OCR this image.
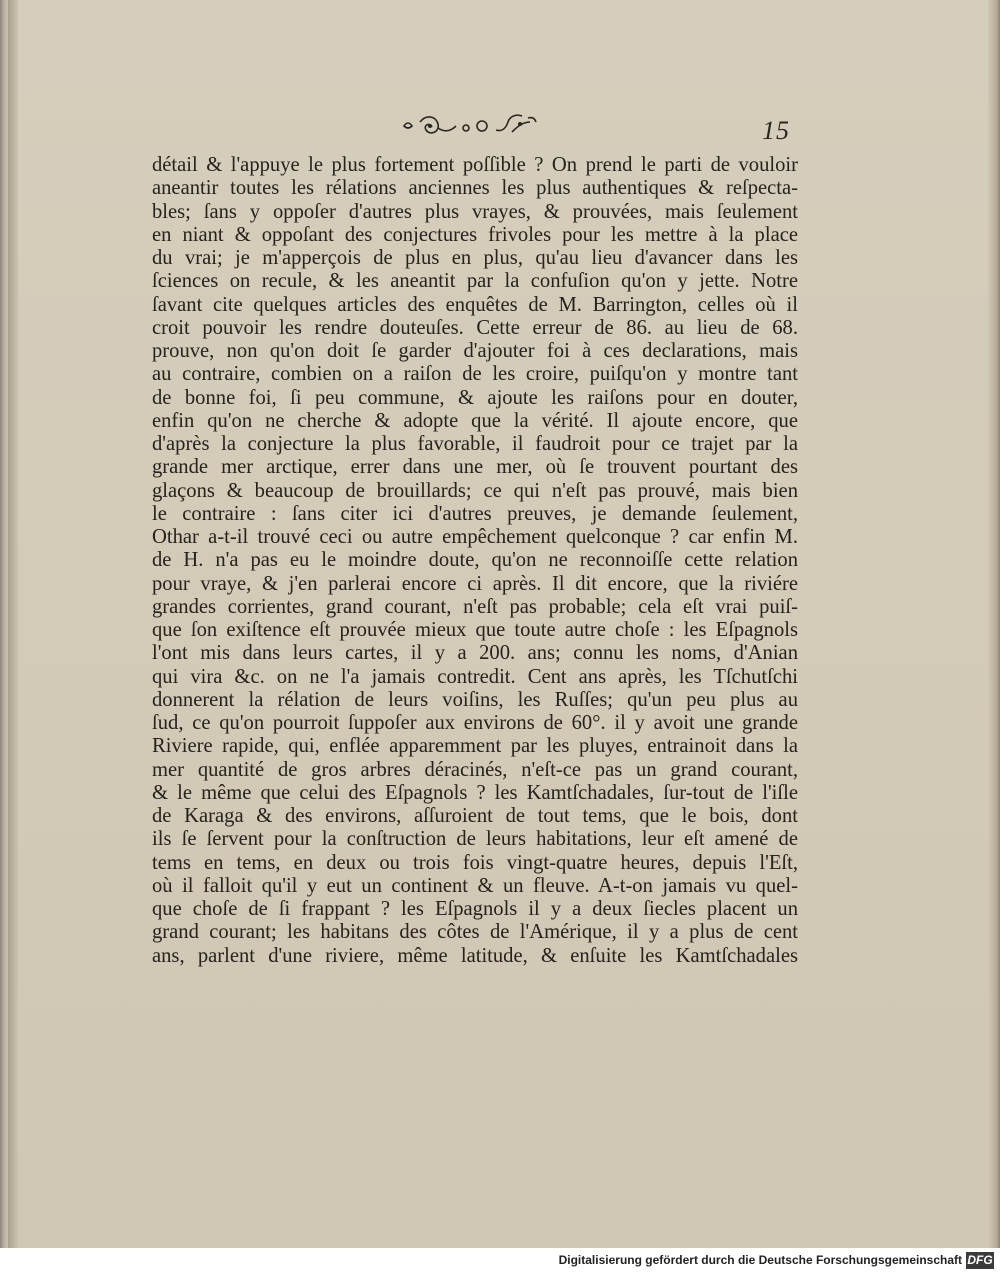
15
détail & l'appuye le plus fortement poſſible ? On prend le parti de vouloir
aneantir toutes les rélations anciennes les plus authentiques & reſpecta-
bles; ſans y oppoſer d'autres plus vrayes, & prouvées, mais ſeulement
en niant & oppoſant des conjectures frivoles pour les mettre à la place
du vrai; je m'apperçois de plus en plus, qu'au lieu d'avancer dans les
ſciences on recule, & les aneantit par la confuſion qu'on y jette. Notre
ſavant cite quelques articles des enquêtes de M. Barrington, celles où il
croit pouvoir les rendre douteuſes. Cette erreur de 86. au lieu de 68.
prouve, non qu'on doit ſe garder d'ajouter foi à ces declarations, mais
au contraire, combien on a raiſon de les croire, puiſqu'on y montre tant
de bonne foi, ſi peu commune, & ajoute les raiſons pour en douter,
enfin qu'on ne cherche & adopte que la vérité. Il ajoute encore, que
d'après la conjecture la plus favorable, il faudroit pour ce trajet par la
grande mer arctique, errer dans une mer, où ſe trouvent pourtant des
glaçons & beaucoup de brouillards; ce qui n'eſt pas prouvé, mais bien
le contraire : ſans citer ici d'autres preuves, je demande ſeulement,
Othar a-t-il trouvé ceci ou autre empêchement quelconque ? car enfin M.
de H. n'a pas eu le moindre doute, qu'on ne reconnoiſſe cette relation
pour vraye, & j'en parlerai encore ci après. Il dit encore, que la riviére
grandes corrientes, grand courant, n'eſt pas probable; cela eſt vrai puiſ-
que ſon exiſtence eſt prouvée mieux que toute autre choſe : les Eſpagnols
l'ont mis dans leurs cartes, il y a 200. ans; connu les noms, d'Anian
qui vira &c. on ne l'a jamais contredit. Cent ans après, les Tſchutſchi
donnerent la rélation de leurs voiſins, les Ruſſes; qu'un peu plus au
ſud, ce qu'on pourroit ſuppoſer aux environs de 60°. il y avoit une grande
Riviere rapide, qui, enflée apparemment par les pluyes, entrainoit dans la
mer quantité de gros arbres déracinés, n'eſt-ce pas un grand courant,
& le même que celui des Eſpagnols ? les Kamtſchadales, ſur-tout de l'iſle
de Karaga & des environs, aſſuroient de tout tems, que le bois, dont
ils ſe ſervent pour la conſtruction de leurs habitations, leur eſt amené de
tems en tems, en deux ou trois fois vingt-quatre heures, depuis l'Eſt,
où il falloit qu'il y eut un continent & un fleuve. A-t-on jamais vu quel-
que choſe de ſi frappant ? les Eſpagnols il y a deux ſiecles placent un
grand courant; les habitans des côtes de l'Amérique, il y a plus de cent
ans, parlent d'une riviere, même latitude, & enſuite les Kamtſchadales
Digitalisierung gefördert durch die Deutsche Forschungsgemeinschaft DFG
